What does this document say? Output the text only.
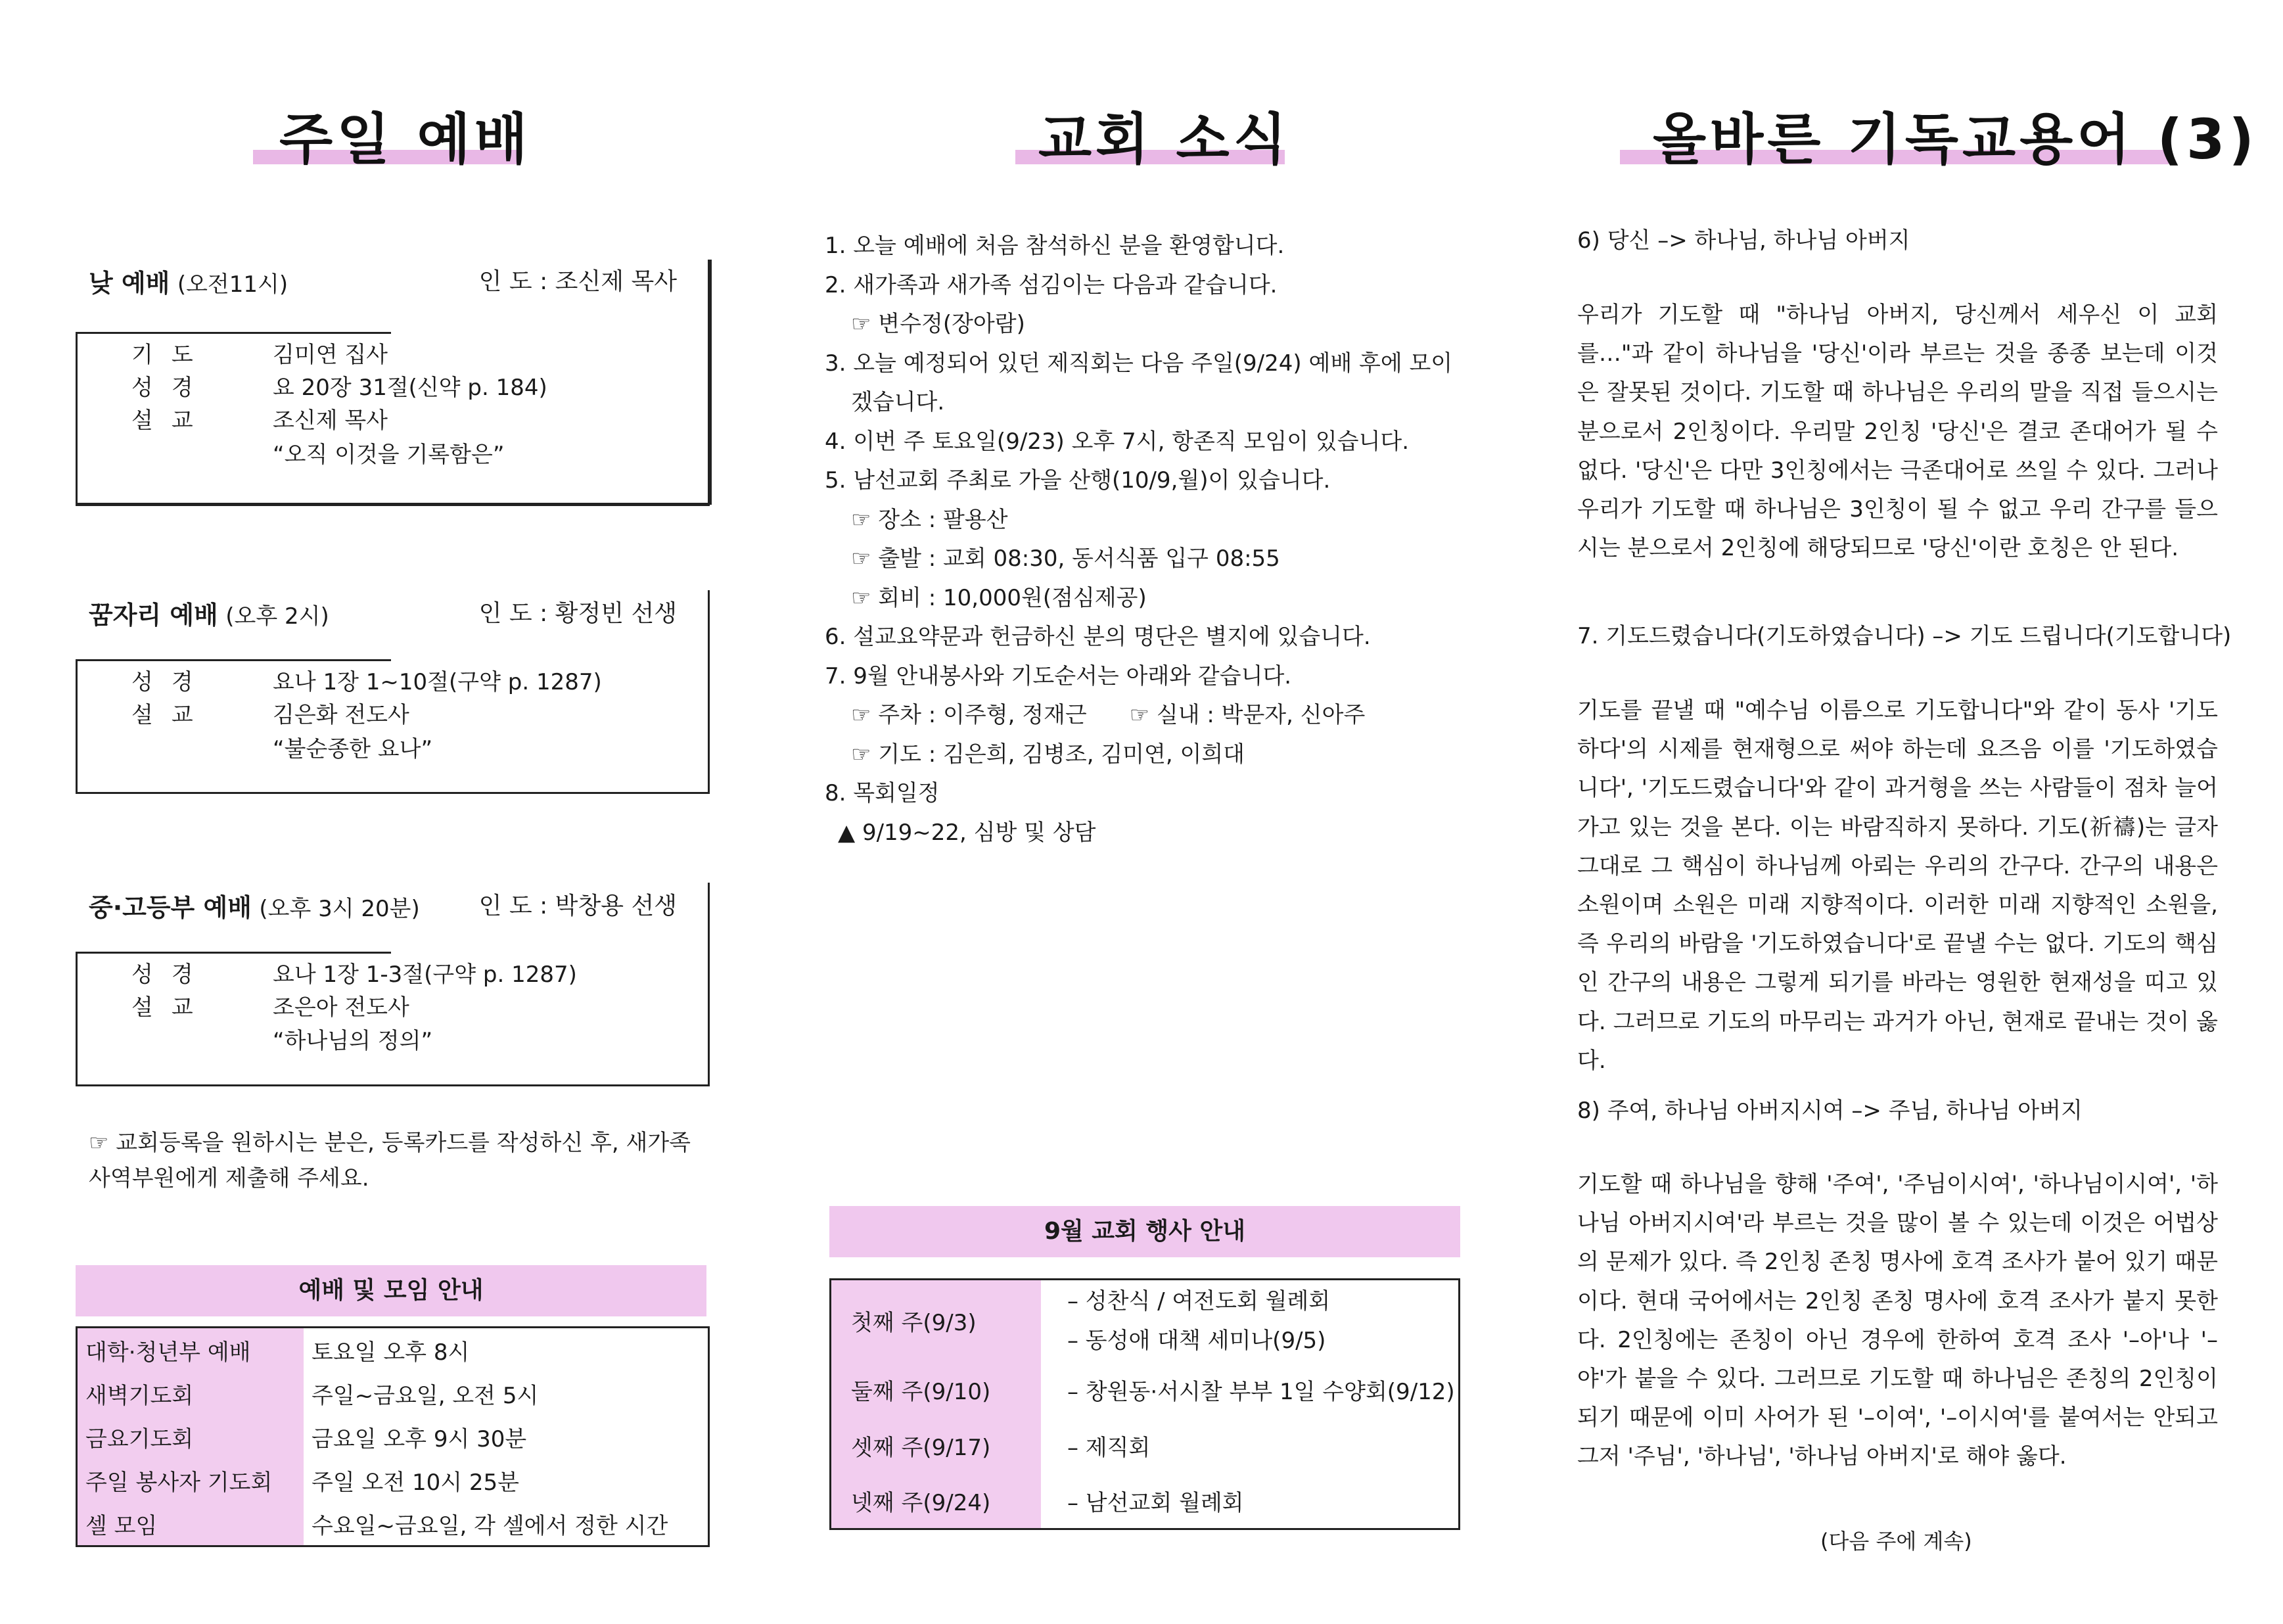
주일 예배
낮 예배 (오전11시)	인 도 : 조신제 목사
기도	김미연 집사
성경	요 20장 31절(신약 p. 184)
설교	조신제 목사
“오직 이것을 기록함은”
꿈자리 예배 (오후 2시)	인 도 : 황정빈 선생
성경	요나 1장 1~10절(구약 p. 1287)
설교	김은화 전도사
“불순종한 요나”
중·고등부 예배 (오후 3시 20분) 인 도 : 박창용 선생
성경	요나 1장 1-3절(구약 p. 1287)
설교	조은아 전도사
“하나님의 정의”
☞ 교회등록을 원하시는 분은, 등록카드를 작성하신 후, 새가족 사역부원에게 제출해 주세요.
예배 및 모임 안내
대학·청년부 예배	토요일 오후 8시
새벽기도회	주일~금요일, 오전 5시
금요기도회	금요일 오후 9시 30분
주일 봉사자 기도회	주일 오전 10시 25분
셀 모임	수요일~금요일, 각 셀에서 정한 시간
교회 소식
1. 오늘 예배에 처음 참석하신 분을 환영합니다.
2. 새가족과 새가족 섬김이는 다음과 같습니다.
☞ 변수정(장아람)
3. 오늘 예정되어 있던 제직회는 다음 주일(9/24) 예배 후에 모이
겠습니다.
4. 이번 주 토요일(9/23) 오후 7시, 항존직 모임이 있습니다.
5. 남선교회 주최로 가을 산행(10/9,월)이 있습니다.
☞ 장소 : 팔용산
☞ 출발 : 교회 08:30, 동서식품 입구 08:55
☞ 회비 : 10,000원(점심제공)
6. 설교요약문과 헌금하신 분의 명단은 별지에 있습니다.
7. 9월 안내봉사와 기도순서는 아래와 같습니다.
☞ 주차 : 이주형, 정재근      ☞ 실내 : 박문자, 신아주
☞ 기도 : 김은희, 김병조, 김미연, 이희대
8. 목회일정
▲ 9/19~22, 심방 및 상담
9월 교회 행사 안내
첫째 주(9/3)	– 성찬식 / 여전도회 월례회
– 동성애 대책 세미나(9/5)

둘째 주(9/10)	– 창원동·서시찰 부부 1일 수양회(9/12)
셋째 주(9/17)	– 제직회
넷째 주(9/24)	– 남선교회 월례회
올바른 기독교용어 (3)
6) 당신 –> 하나님, 하나님 아버지
우리가 기도할 때 "하나님 아버지, 당신께서 세우신 이 교회를…"과 같이 하나님을 '당신'이라 부르는 것을 종종 보는데 이것은 잘못된 것이다. 기도할 때 하나님은 우리의 말을 직접 들으시는 분으로서 2인칭이다. 우리말 2인칭 '당신'은 결코 존대어가 될 수 없다. '당신'은 다만 3인칭에서는 극존대어로 쓰일 수 있다. 그러나 우리가 기도할 때 하나님은 3인칭이 될 수 없고 우리 간구를 들으시는 분으로서 2인칭에 해당되므로 '당신'이란 호칭은 안 된다.
7. 기도드렸습니다(기도하였습니다) –> 기도 드립니다(기도합니다)
기도를 끝낼 때 "예수님 이름으로 기도합니다"와 같이 동사 '기도하다'의 시제를 현재형으로 써야 하는데 요즈음 이를 '기도하였습니다', '기도드렸습니다'와 같이 과거형을 쓰는 사람들이 점차 늘어가고 있는 것을 본다. 이는 바람직하지 못하다. 기도(祈禱)는 글자 그대로 그 핵심이 하나님께 아뢰는 우리의 간구다. 간구의 내용은 소원이며 소원은 미래 지향적이다. 이러한 미래 지향적인 소원을, 즉 우리의 바람을 '기도하였습니다'로 끝낼 수는 없다. 기도의 핵심인 간구의 내용은 그렇게 되기를 바라는 영원한 현재성을 띠고 있다. 그러므로 기도의 마무리는 과거가 아닌, 현재로 끝내는 것이 옳다.
8) 주여, 하나님 아버지시여 –> 주님, 하나님 아버지
기도할 때 하나님을 향해 '주여', '주님이시여', '하나님이시여', '하나님 아버지시여'라 부르는 것을 많이 볼 수 있는데 이것은 어법상의 문제가 있다. 즉 2인칭 존칭 명사에 호격 조사가 붙어 있기 때문이다. 현대 국어에서는 2인칭 존칭 명사에 호격 조사가 붙지 못한다. 2인칭에는 존칭이 아닌 경우에 한하여 호격 조사 '–아'나 '–야'가 붙을 수 있다. 그러므로 기도할 때 하나님은 존칭의 2인칭이 되기 때문에 이미 사어가 된 '–이여', '–이시여'를 붙여서는 안되고 그저 '주님', '하나님', '하나님 아버지'로 해야 옳다.
(다음 주에 계속)
